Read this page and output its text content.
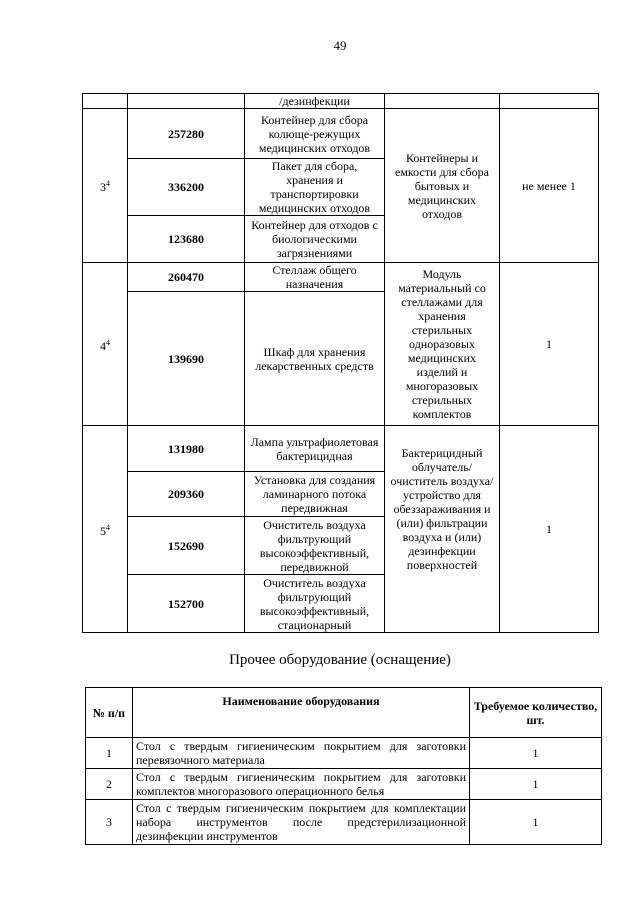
49
		/дезинфекции		
$3^4$	257280	Контейнер для сбора колюще-режущих медицинских отходов	Контейнеры и емкости для сбора бытовых и медицинских отходов	не менее 1
	336200	Пакет для сбора, хранения и транспортировки медицинских отходов		
	123680	Контейнер для отходов с биологическими загрязнениями		
$4^4$	260470	Стеллаж общего назначения	Модуль материальный со стеллажами для хранения стерильных одноразовых медицинских изделий и многоразовых стерильных комплектов	1
	139690	Шкаф для хранения лекарственных средств		
$5^4$	131980	Лампа ультрафиолетовая бактерицидная	Бактерицидный облучатель/ очиститель воздуха/ устройство для обеззараживания и (или) фильтрации воздуха и (или) дезинфекции поверхностей	1
	209360	Установка для создания ламинарного потока передвижная		
	152690	Очиститель воздуха фильтрующий высокоэффективный, передвижной		
	152700	Очиститель воздуха фильтрующий высокоэффективный, стационарный		
Прочее оборудование (оснащение)
№ п/п	Наименование оборудования	Требуемое количество, шт.
1	Стол с твердым гигиеническим покрытием для заготовки перевязочного материала	1
2	Стол с твердым гигиеническим покрытием для заготовки комплектов многоразового операционного белья	1
3	Стол с твердым гигиеническим покрытием для комплектации набора инструментов после предстерилизационной дезинфекции инструментов	1
